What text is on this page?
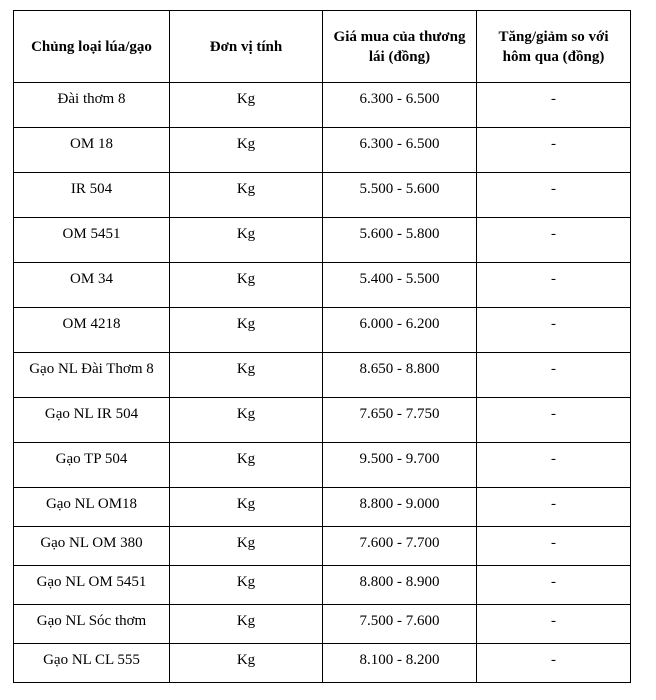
Chủng loại lúa/gạo	Đơn vị tính	Giá mua của thương lái (đồng)	Tăng/giảm so với hôm qua (đồng)
Đài thơm 8	Kg	6.300 - 6.500	-
OM 18	Kg	6.300 - 6.500	-
IR 504	Kg	5.500 - 5.600	-
OM 5451	Kg	5.600 - 5.800	-
OM 34	Kg	5.400 - 5.500	-
OM 4218	Kg	6.000 - 6.200	-
Gạo NL Đài Thơm 8	Kg	8.650 - 8.800	-
Gạo NL IR 504	Kg	7.650 - 7.750	-
Gạo TP 504	Kg	9.500 - 9.700	-
Gạo NL OM18	Kg	8.800 - 9.000	-
Gạo NL OM 380	Kg	7.600 - 7.700	-
Gạo NL OM 5451	Kg	8.800 - 8.900	-
Gạo NL Sóc thơm	Kg	7.500 - 7.600	-
Gạo NL CL 555	Kg	8.100 - 8.200	-
